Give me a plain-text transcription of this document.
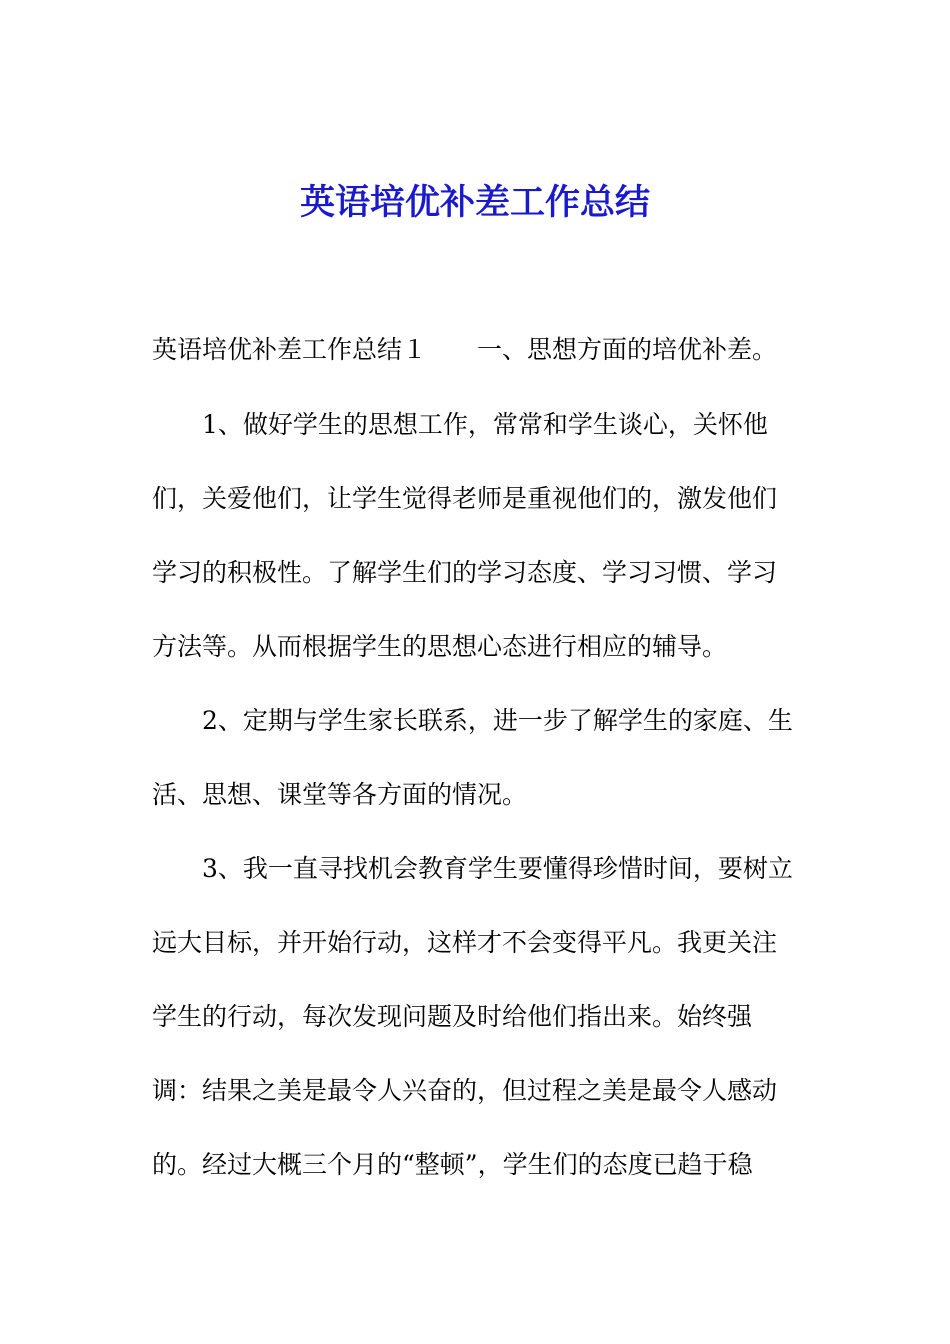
英语培优补差工作总结

英语培优补差工作总结１ 一、思想方面的培优补差。

　　1、做好学生的思想工作，常常和学生谈心，关怀他

们，关爱他们，让学生觉得老师是重视他们的，激发他们

学习的积极性。了解学生们的学习态度、学习习惯、学习

方法等。从而根据学生的思想心态进行相应的辅导。

　　2、定期与学生家长联系，进一步了解学生的家庭、生

活、思想、课堂等各方面的情况。

　　3、我一直寻找机会教育学生要懂得珍惜时间，要树立

远大目标，并开始行动，这样才不会变得平凡。我更关注

学生的行动，每次发现问题及时给他们指出来。始终强

调：结果之美是最令人兴奋的，但过程之美是最令人感动

的。经过大概三个月的“整顿”，学生们的态度已趋于稳
